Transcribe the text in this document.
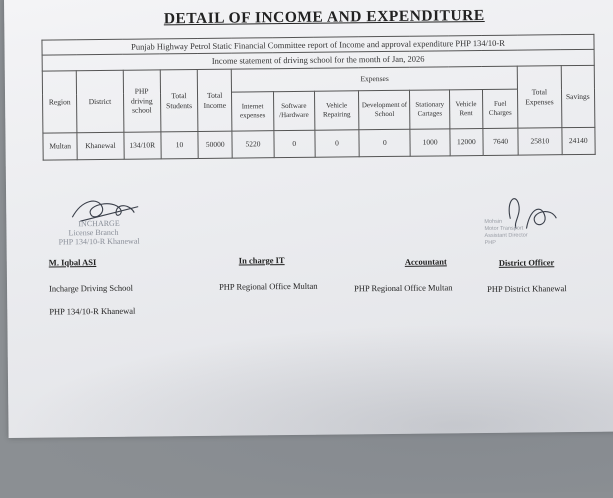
DETAIL OF INCOME AND EXPENDITURE
Punjab Highway Petrol Static Financial Committee report of Income and approval expenditure PHP 134/10-R													
Income statement of driving school for the month of Jan, 2026													
Region	District	PHP driving school	Total Students	Total Income	Expenses							Total Expenses	Savings
					Internet expenses	Software /Hardware	Vehicle Repairing	Development of School	Stationary Cartages	Vehicle Rent	Fuel Charges		
Multan	Khanewal	134/10R	10	50000	5220	0	0	0	1000	12000	7640	25810	24140
INCHARGE
License Branch
PHP 134/10-R Khanewal
Mohsin
Motor Transport
Assistant Director
PHP
M. Iqbal ASI
Incharge Driving School
PHP 134/10-R Khanewal
In charge IT
PHP Regional Office Multan
Accountant
PHP Regional Office Multan
District Officer
PHP District Khanewal
